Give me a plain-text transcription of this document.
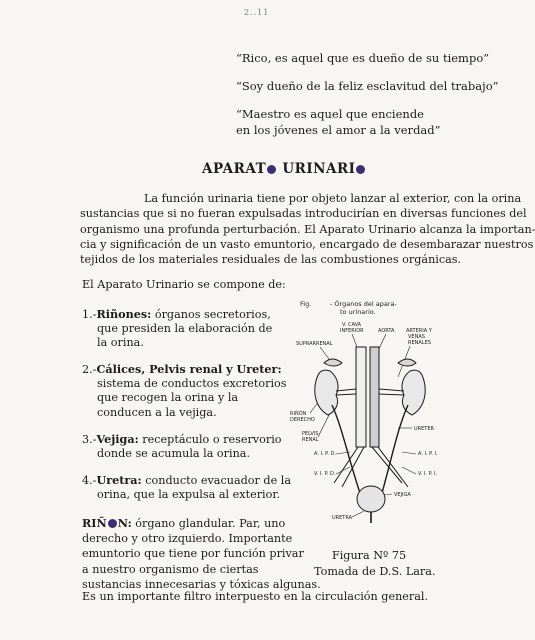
2..11
“Rico, es aquel que es dueño de su tiempo”
“Soy dueño de la feliz esclavitud del trabajo”
“Maestro es aquel que enciende
en los jóvenes el amor a la verdad”
APARAT URINARI
La función urinaria tiene por objeto lanzar al exterior, con la orina
sustancias que si no fueran expulsadas introducirían en diversas funciones del
organismo una profunda perturbación. El Aparato Urinario alcanza la importan-
cia y significación de un vasto emuntorio, encargado de desembarazar nuestros
tejidos de los materiales residuales de las combustiones orgánicas.
El Aparato Urinario se compone de:
1.-Riñones: órganos secretorios,
que presiden la elaboración de
la orina.
2.-Cálices, Pelvis renal y Ureter:
sistema de conductos excretorios
que recogen la orina y la
conducen a la vejiga.
3.-Vejiga: receptáculo o reservorio
donde se acumula la orina.
4.-Uretra: conducto evacuador de la
orina, que la expulsa al exterior.
RIÑ N: órgano glandular. Par, uno
derecho y otro izquierdo. Importante
emuntorio que tiene por función privar
a nuestro organismo de ciertas
sustancias innecesarias y tóxicas algunas.
Figura Nº 75
Tomada de D.S. Lara.
Es un importante filtro interpuesto en la circulación general.
Fig.	- Órganos del apara-
to urinario.
V. CAVA
INFERIOR	AORTA ARTERIA Y
VENAS
RENALES
SUPRARRENAL
RIÑÓN
DERECHO
PELVIS
RENAL
URETER
A. I. P. D.
V. I. P. D.
A. I. P. I.
V. I. P. I.
VEJIGA
URETRA
